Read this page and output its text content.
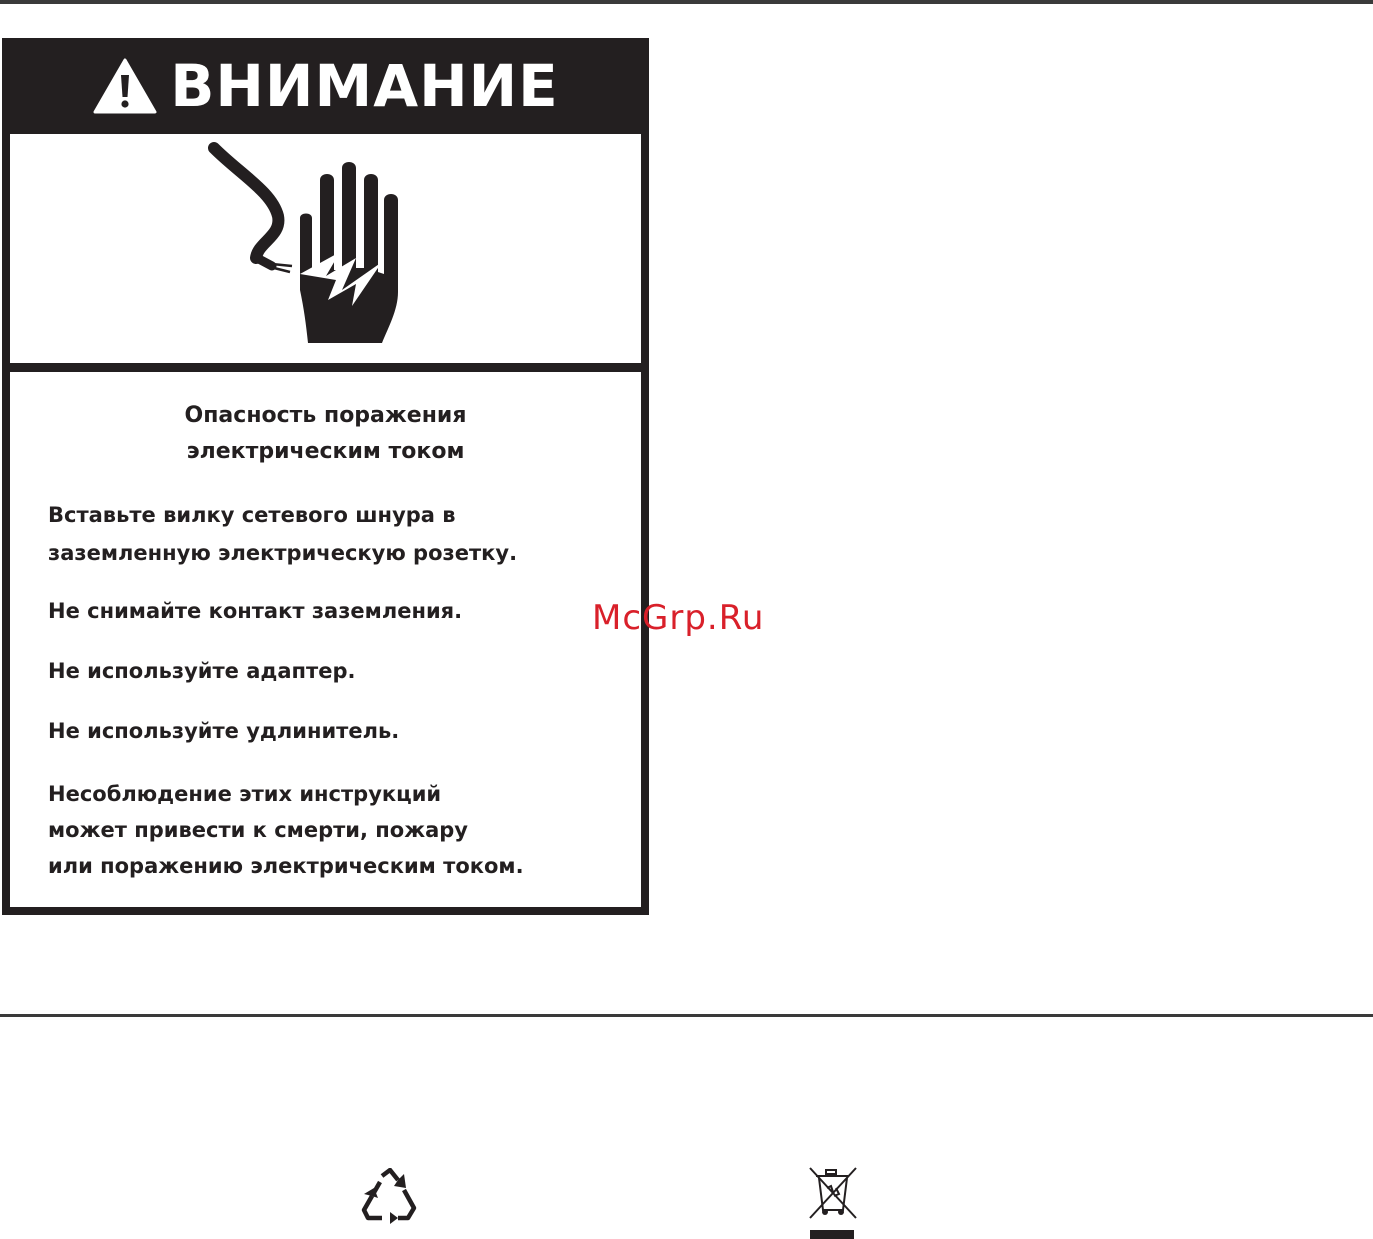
ВНИМАНИЕ
Опасность поражения
электрическим током
Вставьте вилку сетевого шнура в
заземленную электрическую розетку.
Не снимайте контакт заземления.
Не используйте адаптер.
Не используйте удлинитель.
Несоблюдение этих инструкций
может привести к смерти, пожару
или поражению электрическим током.
McGrp.Ru
